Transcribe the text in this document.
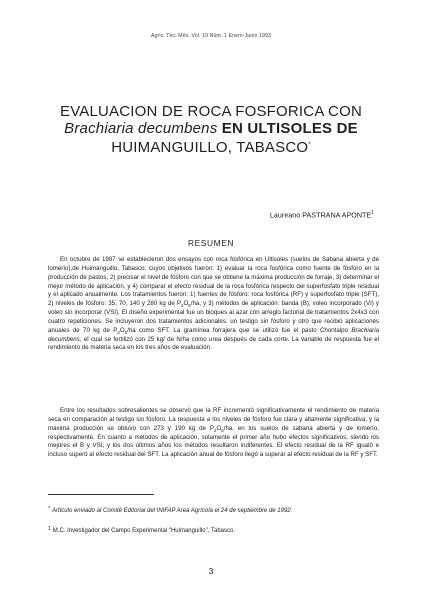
Agric. Téc. Méx. Vol. 19 Núm. 1 Enero-Junio 1993
EVALUACION DE ROCA FOSFORICA CON
Brachiaria decumbens EN ULTISOLES DE
HUIMANGUILLO, TABASCO*
Laureano PASTRANA APONTE$^1$
RESUMEN

En octubre de 1987 se establecieron dos ensayos con roca fosfórica en Ultisoles (suelos de Sabana abierta y de lomerío),de Huimanguillo, Tabasco, cuyos objetivos fueron: 1) evaluar la roca fosfórica como fuente de fósforo en la producción de pastos, 2) precisar el nivel de fósforo con que se obtiene la máxima producción de forraje, 3) determinar el mejor método de aplicación, y 4) comparar el efecto residual de la roca fosfórica respecto del superfosfato triple residual y el aplicado anualmente. Los tratamientos fueron: 1) fuentes de fósforo: roca fosfórica (RF) y superfosfato triple (SFT), 2) niveles de fósforo: 35, 70, 140 y 280 kg de $P_2O_5/ha$, y 3) métodos de aplicación: banda (B), voleo incorporado (VI) y voleo sin incorporar (VSI). El diseño experimental fue un bloques al azar con arreglo factorial de tratamientos 2x4x3 con cuatro repeticiones. Se incluyeron dos tratamientos adicionales: un testigo sin fósforo y otro que recibió aplicaciones anuales de 70 kg de $P_2O_5/ha$ como SFT. La gramínea forrajera que se utilizó fue el pasto Chontalpo Brachiaria decumbens, el cual se fertilizó con 25 kg/ de N/ha como urea después de cada corte. La variable de respuesta fue el rendimiento de materia seca en los tres años de evaluación.

Entre los resultados sobresalientes se observó que la RF incrementó significativamente el rendimiento de materia seca en comparación al testigo sin fósforo. La respuesta a los niveles de fósforo fue clara y altamente significativa, y la máxima producción se obtuvo con 273 y 190 kg de $P_2O_5/ha$, en los suelos de sabana abierta y de lomerío, respectivamente. En cuanto a métodos de aplicación, solamente el primer año hubo efectos significativos, siendo los mejores el B y VSI, y los dos últimos años los métodos resultaron indiferentes. El efecto residual de la RF igualó e incluso superó al efecto residual del SFT. La aplicación anual de fósforo llegó a superar al efecto residual de la RF y SFT.

* Artículo enviado al Comité Editorial del INIFAP Area Agrícola el 24 de septiembre de 1992.
$^1$ M.C. Investigador del Campo Experimental "Huimanguillo", Tabasco.
3
